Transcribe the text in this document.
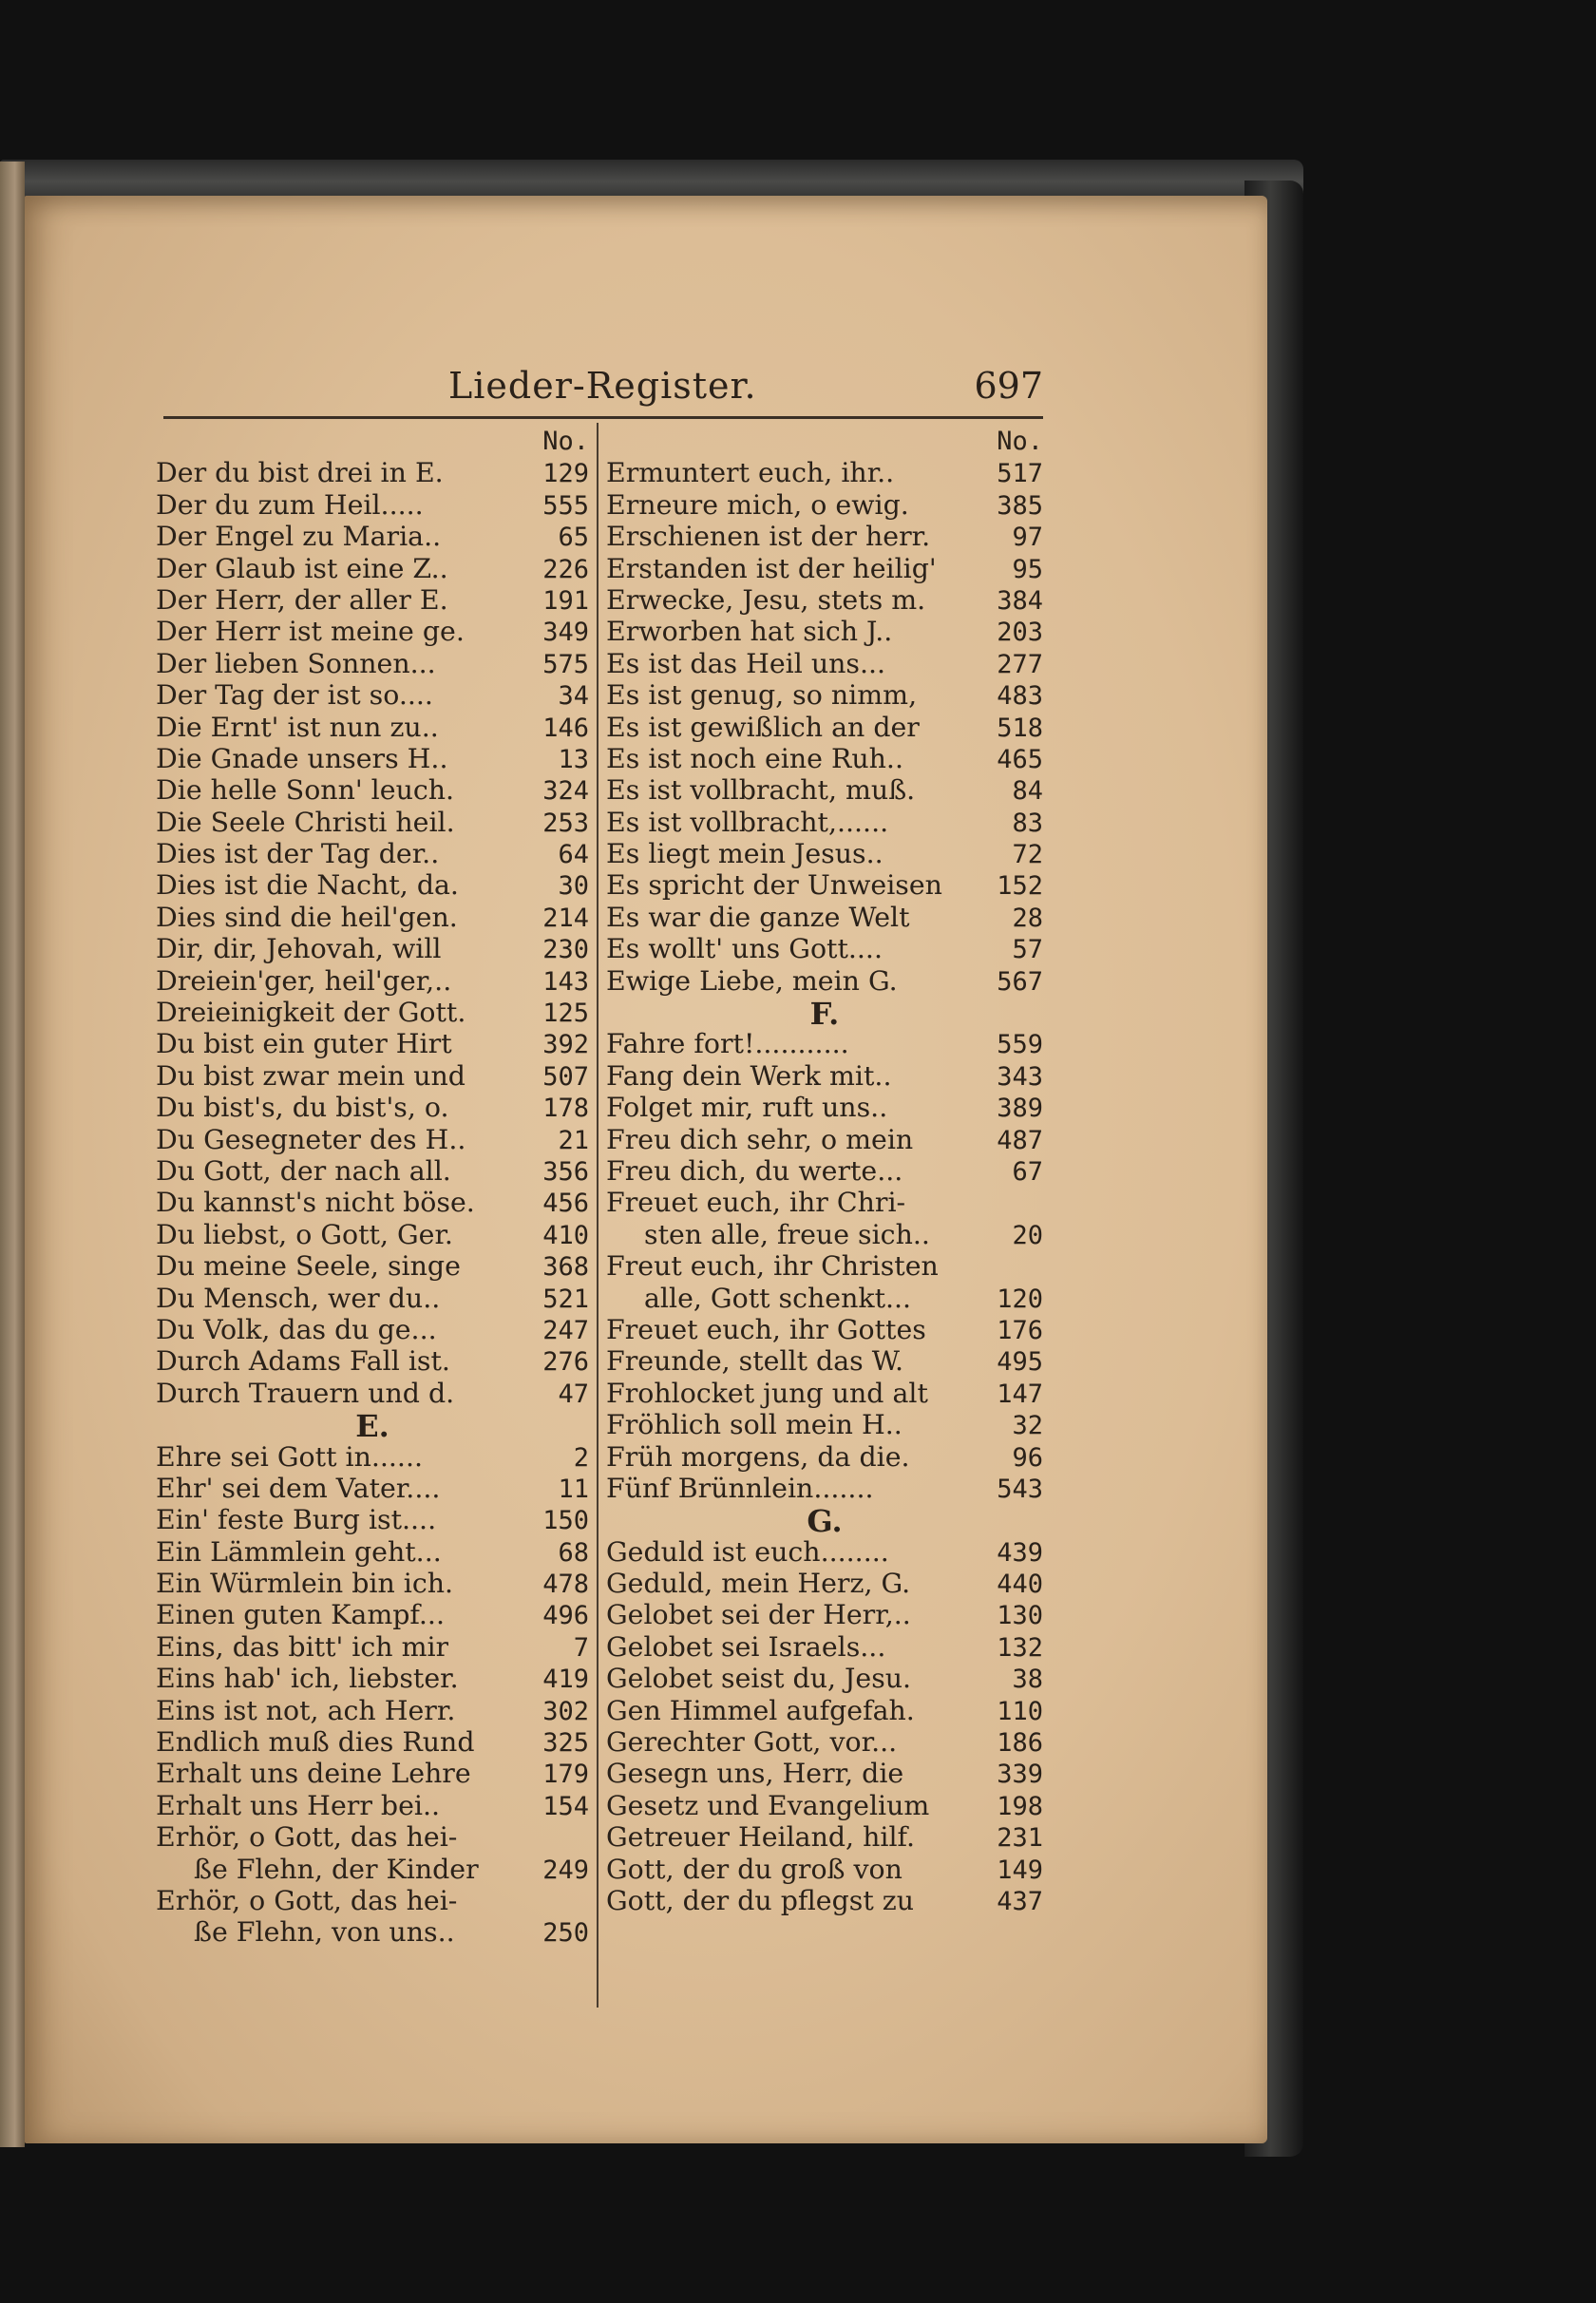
Lieder-Register.	697
No.
Der du bist drei in E.	129
Der du zum Heil.....	555
Der Engel zu Maria..	65
Der Glaub ist eine Z..	226
Der Herr, der aller E.	191
Der Herr ist meine ge.	349
Der lieben Sonnen...	575
Der Tag der ist so....	34
Die Ernt' ist nun zu..	146
Die Gnade unsers H..	13
Die helle Sonn' leuch.	324
Die Seele Christi heil.	253
Dies ist der Tag der..	64
Dies ist die Nacht, da.	30
Dies sind die heil'gen.	214
Dir, dir, Jehovah, will	230
Dreiein'ger, heil'ger,..	143
Dreieinigkeit der Gott.	125
Du bist ein guter Hirt	392
Du bist zwar mein und	507
Du bist's, du bist's, o.	178
Du Gesegneter des H..	21
Du Gott, der nach all.	356
Du kannst's nicht böse.	456
Du liebst, o Gott, Ger.	410
Du meine Seele, singe	368
Du Mensch, wer du..	521
Du Volk, das du ge...	247
Durch Adams Fall ist.	276
Durch Trauern und d.	47
E.
Ehre sei Gott in......	2
Ehr' sei dem Vater....	11
Ein' feste Burg ist....	150
Ein Lämmlein geht...	68
Ein Würmlein bin ich.	478
Einen guten Kampf...	496
Eins, das bitt' ich mir	7
Eins hab' ich, liebster.	419
Eins ist not, ach Herr.	302
Endlich muß dies Rund	325
Erhalt uns deine Lehre	179
Erhalt uns Herr bei..	154
Erhör, o Gott, das hei-
ße Flehn, der Kinder	249
Erhör, o Gott, das hei-
ße Flehn, von uns..	250
No.
Ermuntert euch, ihr..	517
Erneure mich, o ewig.	385
Erschienen ist der herr.	97
Erstanden ist der heilig'	95
Erwecke, Jesu, stets m.	384
Erworben hat sich J..	203
Es ist das Heil uns...	277
Es ist genug, so nimm,	483
Es ist gewißlich an der	518
Es ist noch eine Ruh..	465
Es ist vollbracht, muß.	84
Es ist vollbracht,......	83
Es liegt mein Jesus..	72
Es spricht der Unweisen 152
Es war die ganze Welt	28
Es wollt' uns Gott....	57
Ewige Liebe, mein G.	567
F.
Fahre fort!...........	559
Fang dein Werk mit..	343
Folget mir, ruft uns..	389
Freu dich sehr, o mein	487
Freu dich, du werte...	67
Freuet euch, ihr Chri-
sten alle, freue sich..	20
Freut euch, ihr Christen
alle, Gott schenkt...	120
Freuet euch, ihr Gottes	176
Freunde, stellt das W.	495
Frohlocket jung und alt	147
Fröhlich soll mein H..	32
Früh morgens, da die.	96
Fünf Brünnlein.......	543
G.
Geduld ist euch........	439
Geduld, mein Herz, G.	440
Gelobet sei der Herr,..	130
Gelobet sei Israels...	132
Gelobet seist du, Jesu.	38
Gen Himmel aufgefah.	110
Gerechter Gott, vor...	186
Gesegn uns, Herr, die	339
Gesetz und Evangelium	198
Getreuer Heiland, hilf.	231
Gott, der du groß von	149
Gott, der du pflegst zu	437
